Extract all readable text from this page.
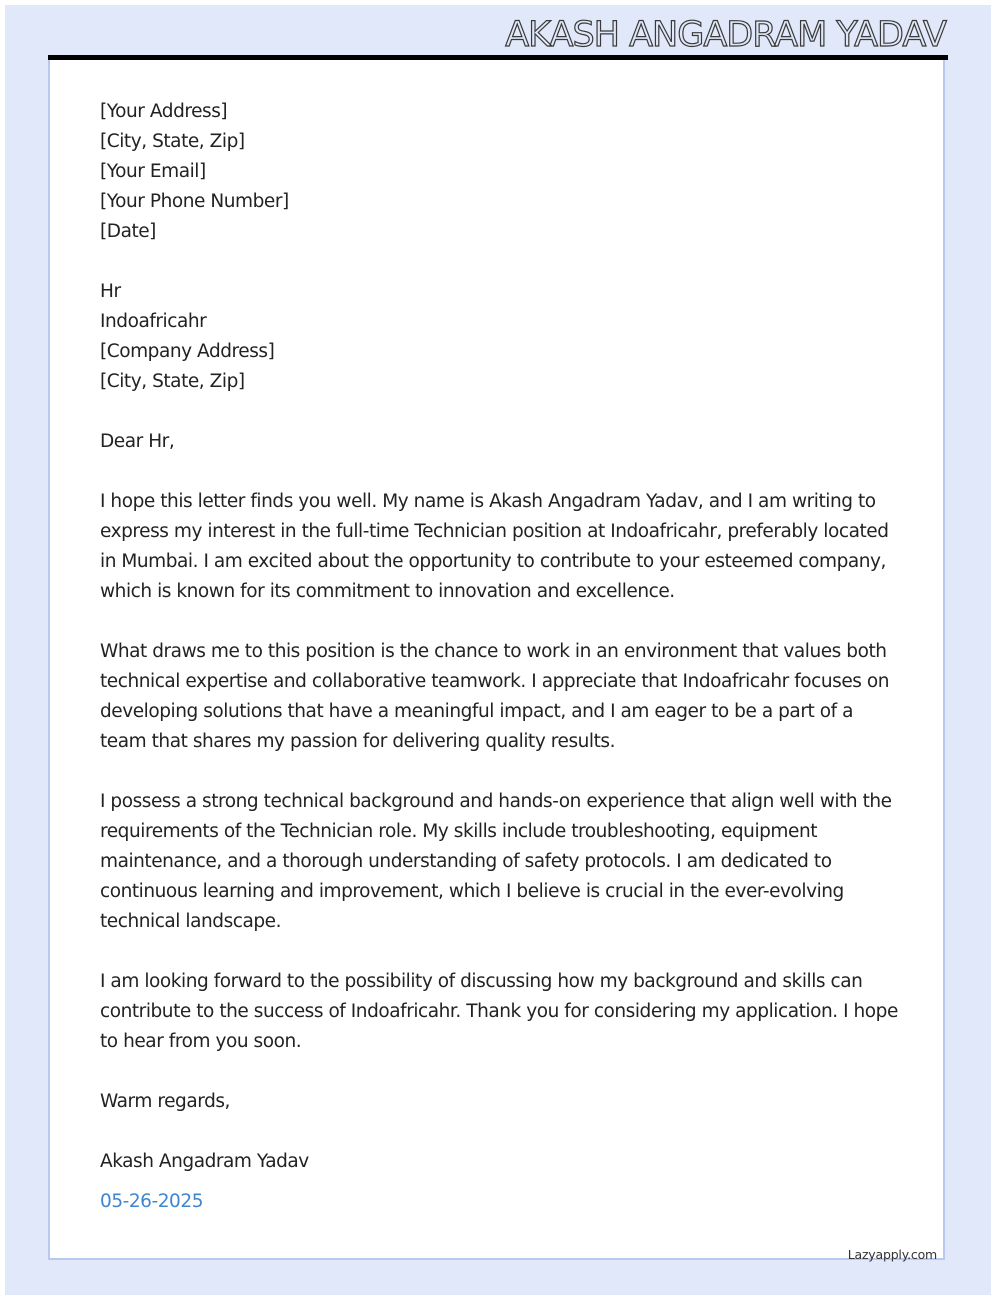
AKASH ANGADRAM YADAV
[Your Address]
[City, State, Zip]
[Your Email]
[Your Phone Number]
[Date]
Hr
Indoafricahr
[Company Address]
[City, State, Zip]

Dear Hr,

I hope this letter finds you well. My name is Akash Angadram Yadav, and I am writing to express my interest in the full-time Technician position at Indoafricahr, preferably located in Mumbai. I am excited about the opportunity to contribute to your esteemed company, which is known for its commitment to innovation and excellence.

What draws me to this position is the chance to work in an environment that values both technical expertise and collaborative teamwork. I appreciate that Indoafricahr focuses on developing solutions that have a meaningful impact, and I am eager to be a part of a team that shares my passion for delivering quality results.

I possess a strong technical background and hands-on experience that align well with the requirements of the Technician role. My skills include troubleshooting, equipment maintenance, and a thorough understanding of safety protocols. I am dedicated to continuous learning and improvement, which I believe is crucial in the ever-evolving technical landscape.

I am looking forward to the possibility of discussing how my background and skills can contribute to the success of Indoafricahr. Thank you for considering my application. I hope to hear from you soon.

Warm regards,

Akash Angadram Yadav
05-26-2025
Lazyapply.com
